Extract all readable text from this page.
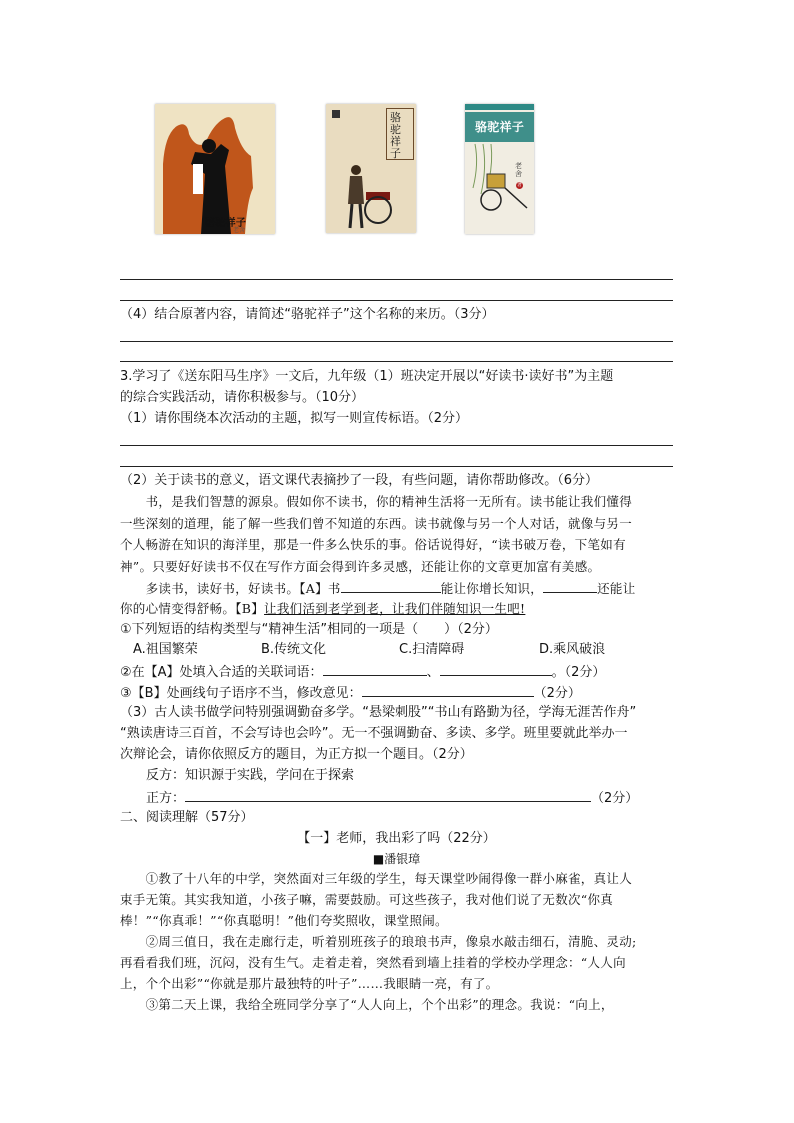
骆驼祥子
老舍
骆驼祥子
骆驼祥子
老舍
著
（4）结合原著内容，请简述“骆驼祥子”这个名称的来历。（3分）
3.学习了《送东阳马生序》一文后，九年级（1）班决定开展以“好读书·读好书”为主题
的综合实践活动，请你积极参与。（10分）
（1）请你围绕本次活动的主题，拟写一则宣传标语。（2分）
（2）关于读书的意义，语文课代表摘抄了一段，有些问题，请你帮助修改。（6分）
　　书，是我们智慧的源泉。假如你不读书，你的精神生活将一无所有。读书能让我们懂得
一些深刻的道理，能了解一些我们曾不知道的东西。读书就像与另一个人对话，就像与另一
个人畅游在知识的海洋里，那是一件多么快乐的事。俗话说得好，“读书破万卷，下笔如有
神”。只要好好读书不仅在写作方面会得到许多灵感，还能让你的文章更加富有美感。
　　多读书，读好书，好读书。【A】书	能让你增长知识，	还能让
你的心情变得舒畅。【B】让我们活到老学到老，让我们伴随知识一生吧!
①下列短语的结构类型与“精神生活”相同的一项是（　　）（2分）
A.祖国繁荣	B.传统文化	C.扫清障碍	D.乘风破浪
②在【A】处填入合适的关联词语：	、	。（2分）
③【B】处画线句子语序不当，修改意见：	（2分）
（3）古人读书做学问特别强调勤奋多学。“悬梁刺股”“书山有路勤为径，学海无涯苦作舟”
“熟读唐诗三百首，不会写诗也会吟”。无一不强调勤奋、多读、多学。班里要就此举办一
次辩论会，请你依照反方的题目，为正方拟一个题目。（2分）
　　反方：知识源于实践，学问在于探索
　　正方：	（2分）
二、阅读理解（57分）
【一】老师，我出彩了吗（22分）
■潘银璋
　　①教了十八年的中学，突然面对三年级的学生，每天课堂吵闹得像一群小麻雀，真让人
束手无策。其实我知道，小孩子嘛，需要鼓励。可这些孩子，我对他们说了无数次“你真
棒！”“你真乖！”“你真聪明！”他们夸奖照收，课堂照闹。
　　②周三值日，我在走廊行走，听着别班孩子的琅琅书声，像泉水敲击细石，清脆、灵动;
再看看我们班，沉闷，没有生气。走着走着，突然看到墙上挂着的学校办学理念：“人人向
上，个个出彩”“你就是那片最独特的叶子”……我眼睛一亮，有了。
　　③第二天上课，我给全班同学分享了“人人向上，个个出彩”的理念。我说：“向上，
